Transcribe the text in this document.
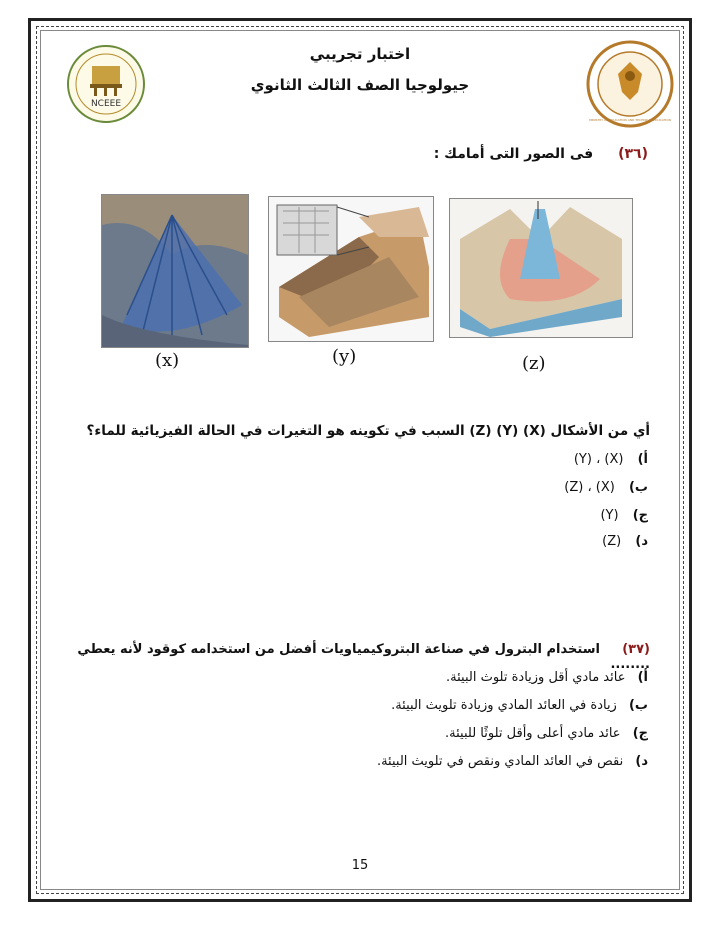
NCEEE
MINISTRY OF EDUCATION AND TECHNICAL EDUCATION
اختبار تجريبي
جيولوجيا الصف الثالث الثانوي
(٣٦)  فى الصور التى أمامك :
(x)	(y)	(z)
أي من الأشكال (X) (Y) (Z) السبب في تكوينه هو التغيرات في الحالة الفيزيائية للماء؟
أ) (X) ، (Y)
ب) (X) ، (Z)
ج) (Y)
د) (Z)
(٣٧)  استخدام البترول في صناعة البتروكيمياويات أفضل من استخدامه كوقود لأنه يعطي ........
أ) عائد مادي أقل وزيادة تلوث البيئة.
ب) زيادة في العائد المادي وزيادة تلويث البيئة.
ج) عائد مادي أعلى وأقل تلوثًا للبيئة.
د) نقص في العائد المادي ونقص في تلويث البيئة.
15
